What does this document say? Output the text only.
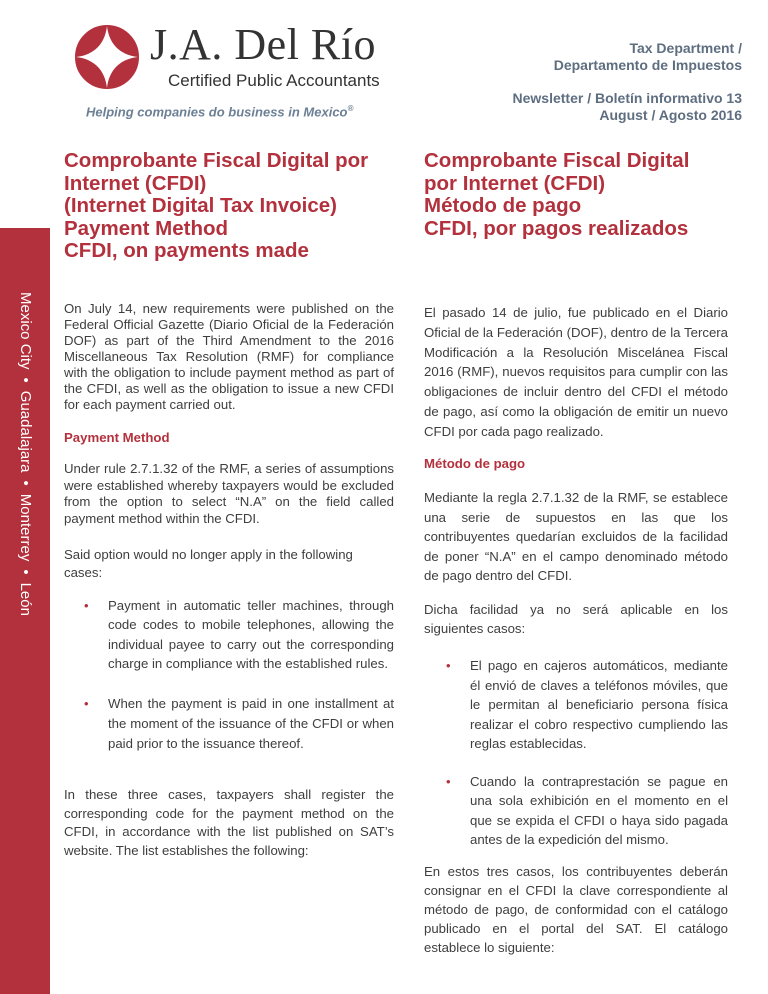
J.A. Del Río
Certified Public Accountants
Helping companies do business in Mexico®
Tax Department /
Departamento de Impuestos
Newsletter / Boletín informativo 13
August / Agosto 2016
Mexico City•Guadalajara•Monterrey•León
Comprobante Fiscal Digital por
Internet (CFDI)
(Internet Digital Tax Invoice)
Payment Method
CFDI, on payments made

On July 14, new requirements were published on the Federal Official Gazette (Diario Oficial de la Federación DOF) as part of the Third Amendment to the 2016 Miscellaneous Tax Resolution (RMF) for compliance with the obligation to include payment method as part of the CFDI, as well as the obligation to issue a new CFDI for each payment carried out.

Payment Method

Under rule 2.7.1.32 of the RMF, a series of assumptions were established whereby taxpayers would be excluded from the option to select “N.A” on the field called payment method within the CFDI.

Said option would no longer apply in the following cases:

• Payment in automatic teller machines, through code codes to mobile telephones, allowing the individual payee to carry out the corresponding charge in compliance with the established rules.
• When the payment is paid in one installment at the moment of the issuance of the CFDI or when paid prior to the issuance thereof.

In these three cases, taxpayers shall register the corresponding code for the payment method on the CFDI, in accordance with the list published on SAT’s website. The list establishes the following:

Comprobante Fiscal Digital
por Internet (CFDI)
Método de pago
CFDI, por pagos realizados

El pasado 14 de julio, fue publicado en el Diario Oficial de la Federación (DOF), dentro de la Tercera Modificación a la Resolución Miscelánea Fiscal 2016 (RMF), nuevos requisitos para cumplir con las obligaciones de incluir dentro del CFDI el método de pago, así como la obligación de emitir un nuevo CFDI por cada pago realizado.

Método de pago

Mediante la regla 2.7.1.32 de la RMF, se establece una serie de supuestos en las que los contribuyentes quedarían excluidos de la facilidad de poner “N.A” en el campo denominado método de pago dentro del CFDI.

Dicha facilidad ya no será aplicable en los siguientes casos:

• El pago en cajeros automáticos, mediante él envió de claves a teléfonos móviles, que le permitan al beneficiario persona física realizar el cobro respectivo cumpliendo las reglas establecidas.
• Cuando la contraprestación se pague en una sola exhibición en el momento en el que se expida el CFDI o haya sido pagada antes de la expedición del mismo.

En estos tres casos, los contribuyentes deberán consignar en el CFDI la clave correspondiente al método de pago, de conformidad con el catálogo publicado en el portal del SAT. El catálogo establece lo siguiente:
